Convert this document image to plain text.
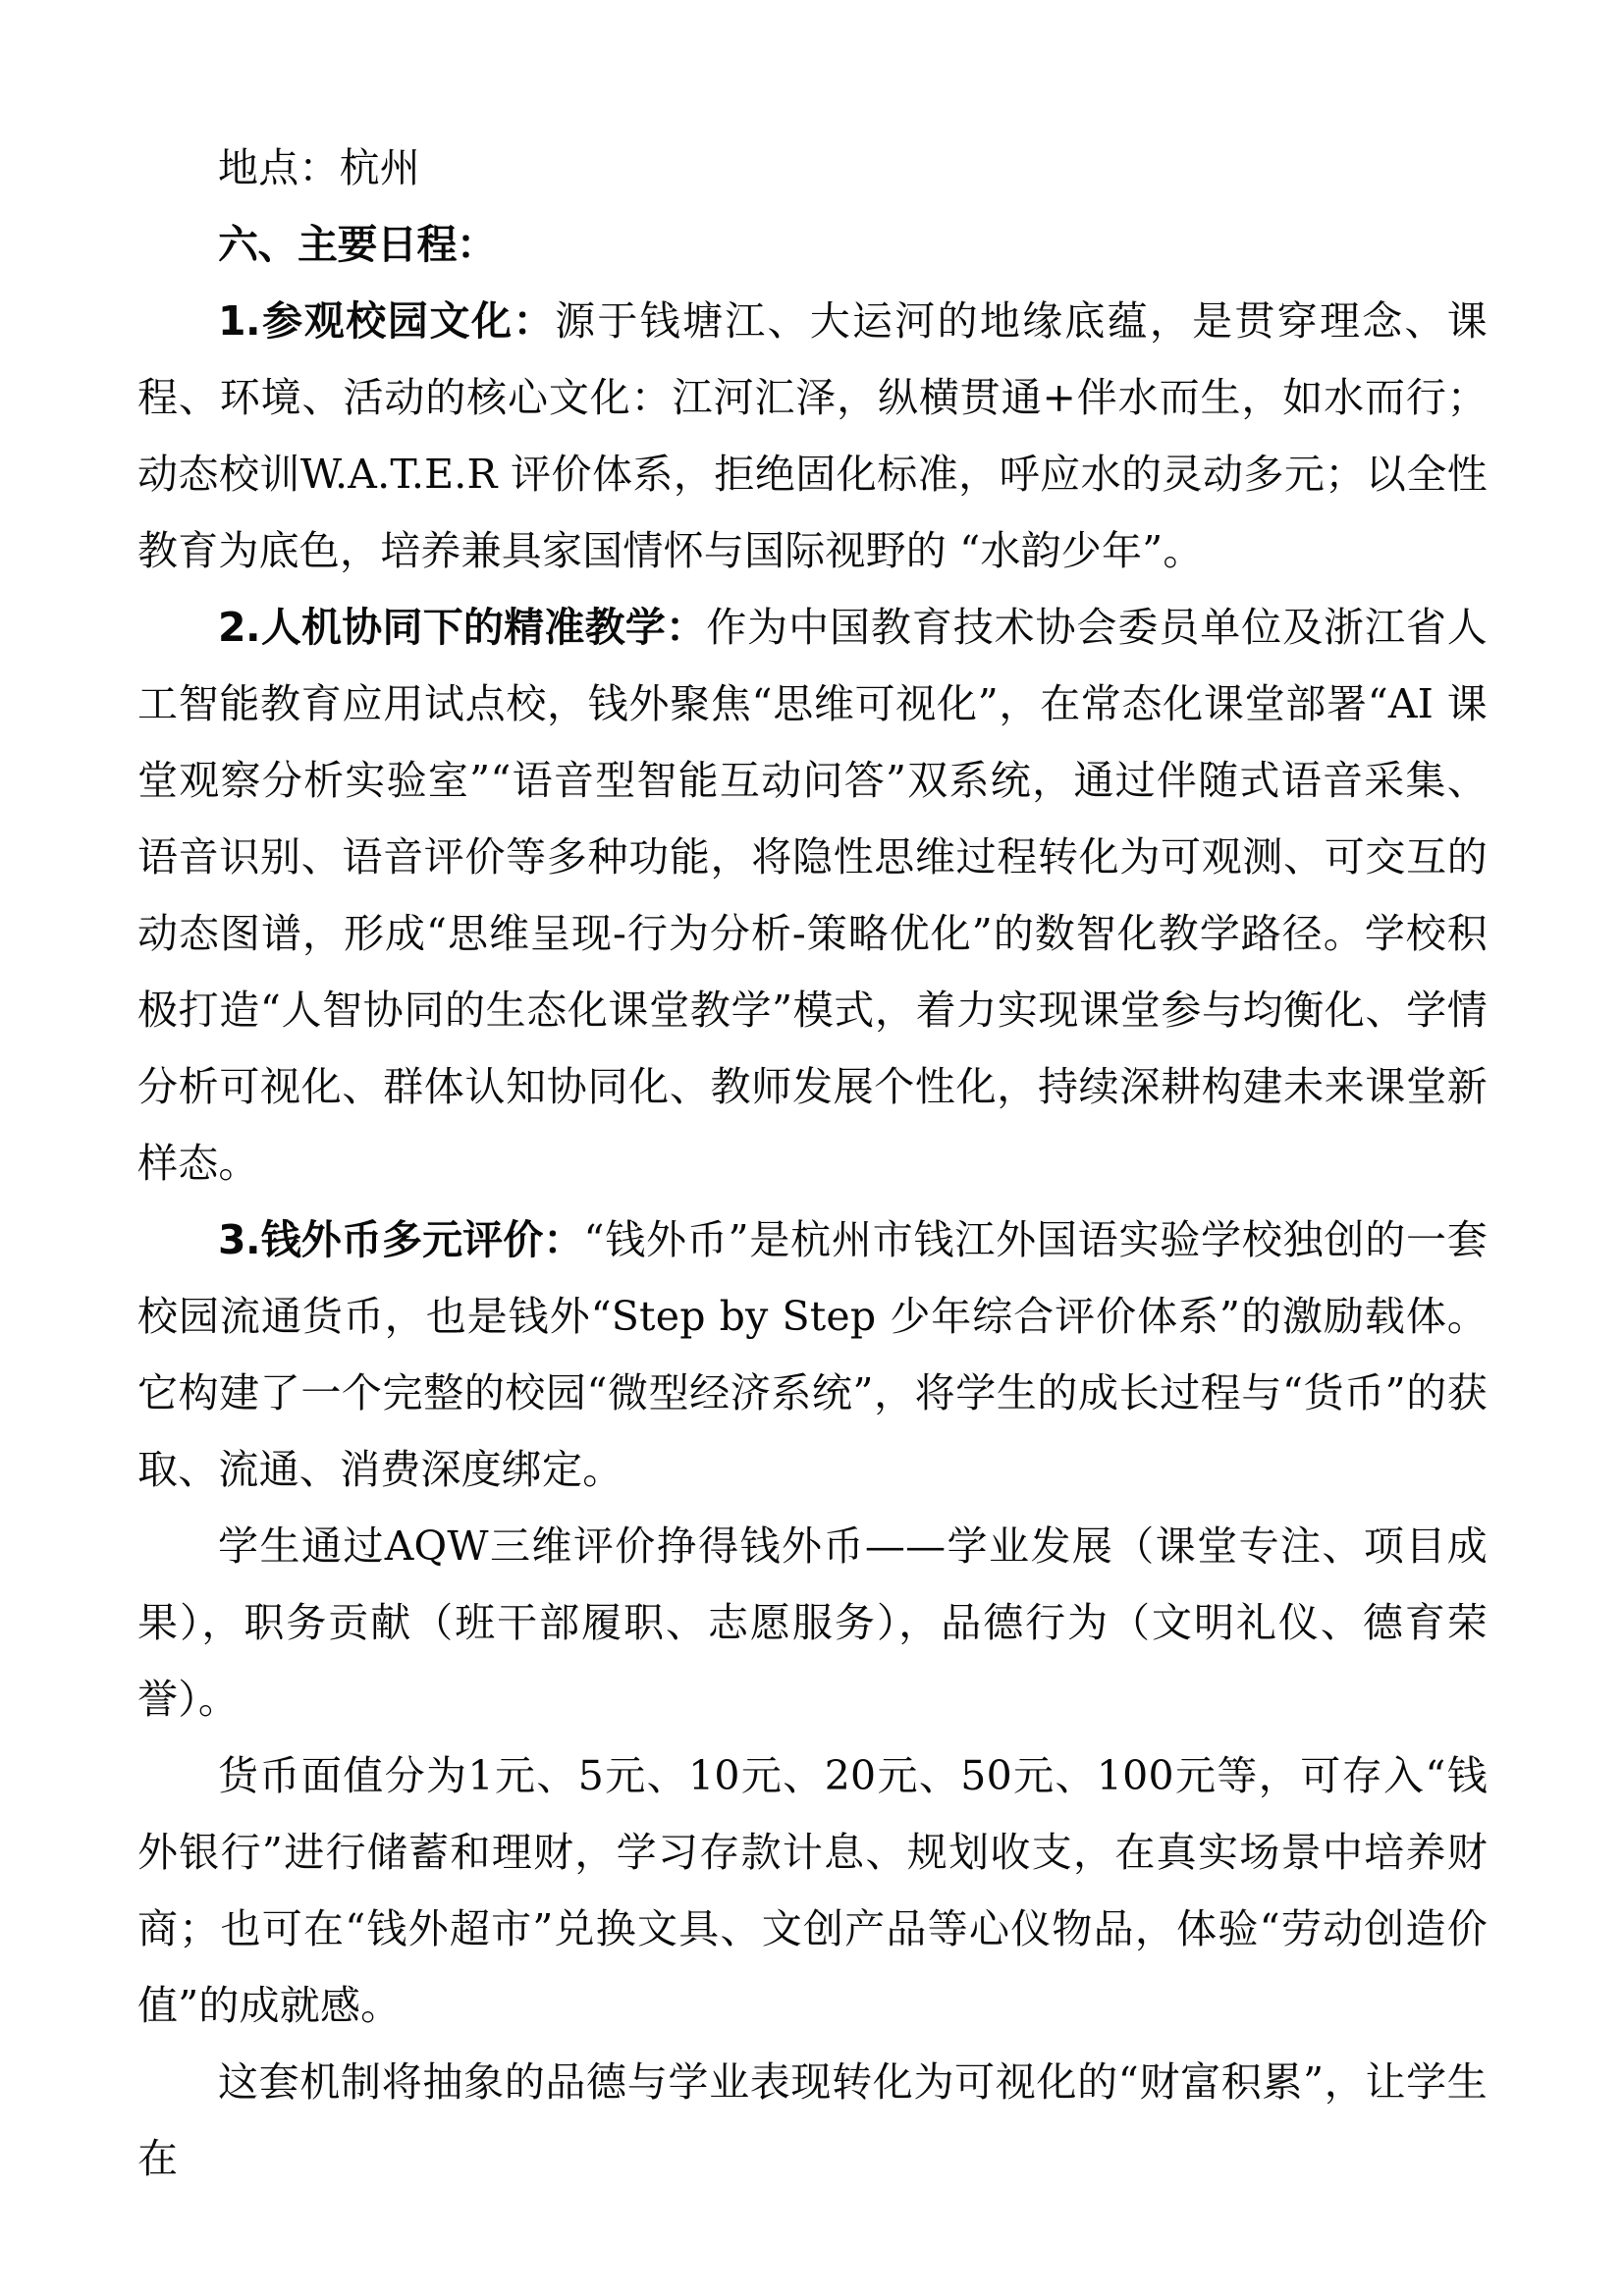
地点：杭州

六、主要日程：

1.参观校园文化：源于钱塘江、大运河的地缘底蕴，是贯穿理念、课程、环境、活动的核心文化：江河汇泽，纵横贯通+伴水而生，如水而行；动态校训W.A.T.E.R 评价体系，拒绝固化标准，呼应水的灵动多元；以全性教育为底色，培养兼具家国情怀与国际视野的 “水韵少年”。

2.人机协同下的精准教学：作为中国教育技术协会委员单位及浙江省人工智能教育应用试点校，钱外聚焦“思维可视化”，在常态化课堂部署“AI 课堂观察分析实验室”“语音型智能互动问答”双系统，通过伴随式语音采集、语音识别、语音评价等多种功能，将隐性思维过程转化为可观测、可交互的动态图谱，形成“思维呈现-行为分析-策略优化”的数智化教学路径。学校积极打造“人智协同的生态化课堂教学”模式，着力实现课堂参与均衡化、学情分析可视化、群体认知协同化、教师发展个性化，持续深耕构建未来课堂新样态。

3.钱外币多元评价：“钱外币”是杭州市钱江外国语实验学校独创的一套校园流通货币，也是钱外“Step by Step 少年综合评价体系”的激励载体。它构建了一个完整的校园“微型经济系统”，将学生的成长过程与“货币”的获取、流通、消费深度绑定。

学生通过AQW三维评价挣得钱外币——学业发展（课堂专注、项目成果），职务贡献（班干部履职、志愿服务），品德行为（文明礼仪、德育荣誉）。

货币面值分为1元、5元、10元、20元、50元、100元等，可存入“钱外银行”进行储蓄和理财，学习存款计息、规划收支，在真实场景中培养财商；也可在“钱外超市”兑换文具、文创产品等心仪物品，体验“劳动创造价值”的成就感。

这套机制将抽象的品德与学业表现转化为可视化的“财富积累”，让学生在
